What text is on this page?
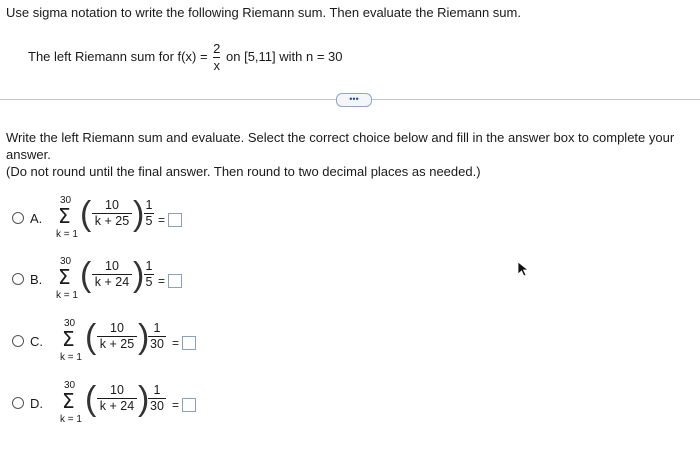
Use sigma notation to write the following Riemann sum. Then evaluate the Riemann sum.
The left Riemann sum for $f(x) = \frac{2}{x}$ on [5,11] with n = 30
•••
Write the left Riemann sum and evaluate. Select the correct choice below and fill in the answer box to complete your
answer.
(Do not round until the final answer. Then round to two decimal places as needed.)
A.
30
Σ
k = 1
(	10
k + 25 ) 1
5 =
B.
30
Σ
k = 1
(	10
k + 24 ) 1
5 =
C.
30
Σ
k = 1
(	10
k + 25 ) 1
30 =
D.
30
Σ
k = 1
(	10
k + 24 ) 1
30 =
